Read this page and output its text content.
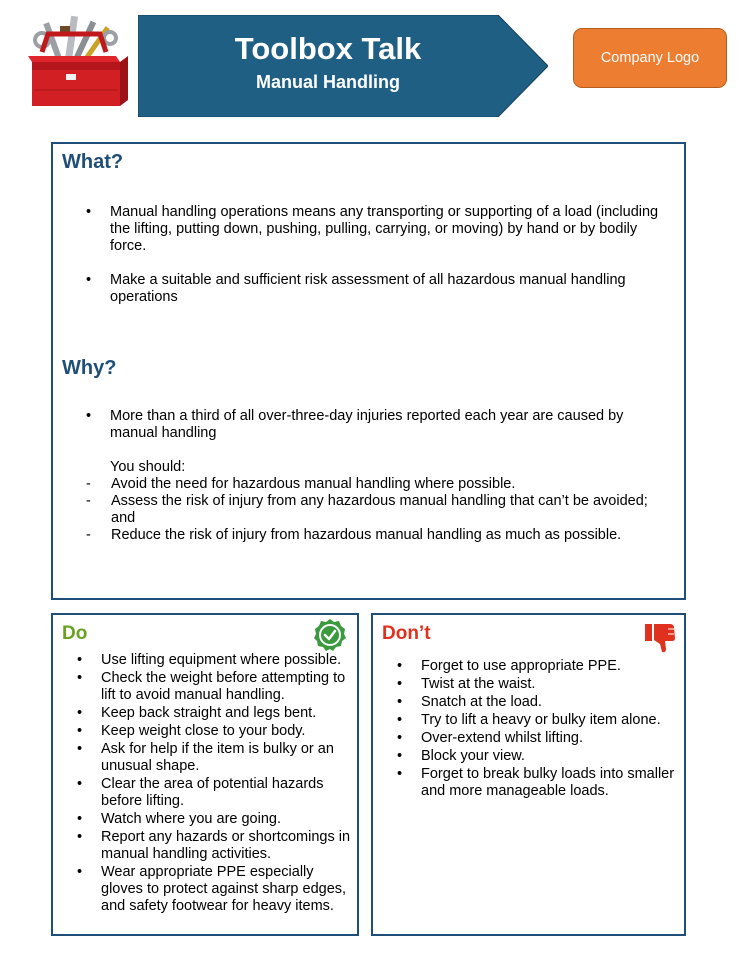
Toolbox Talk
Manual Handling
Company Logo
What?
• Manual handling operations means any transporting or supporting of a load (including the lifting, putting down, pushing, pulling, carrying, or moving) by hand or by bodily force.
• Make a suitable and sufficient risk assessment of all hazardous manual handling operations
Why?
• More than a third of all over-three-day injuries reported each year are caused by manual handling
You should:
- Avoid the need for hazardous manual handling where possible.
- Assess the risk of injury from any hazardous manual handling that can’t be avoided; and
- Reduce the risk of injury from hazardous manual handling as much as possible.
Do
• Use lifting equipment where possible.
• Check the weight before attempting to lift to avoid manual handling.
• Keep back straight and legs bent.
• Keep weight close to your body.
• Ask for help if the item is bulky or an unusual shape.
• Clear the area of potential hazards before lifting.
• Watch where you are going.
• Report any hazards or shortcomings in manual handling activities.
• Wear appropriate PPE especially gloves to protect against sharp edges, and safety footwear for heavy items.
Don’t
• Forget to use appropriate PPE.
• Twist at the waist.
• Snatch at the load.
• Try to lift a heavy or bulky item alone.
• Over-extend whilst lifting.
• Block your view.
• Forget to break bulky loads into smaller and more manageable loads.
